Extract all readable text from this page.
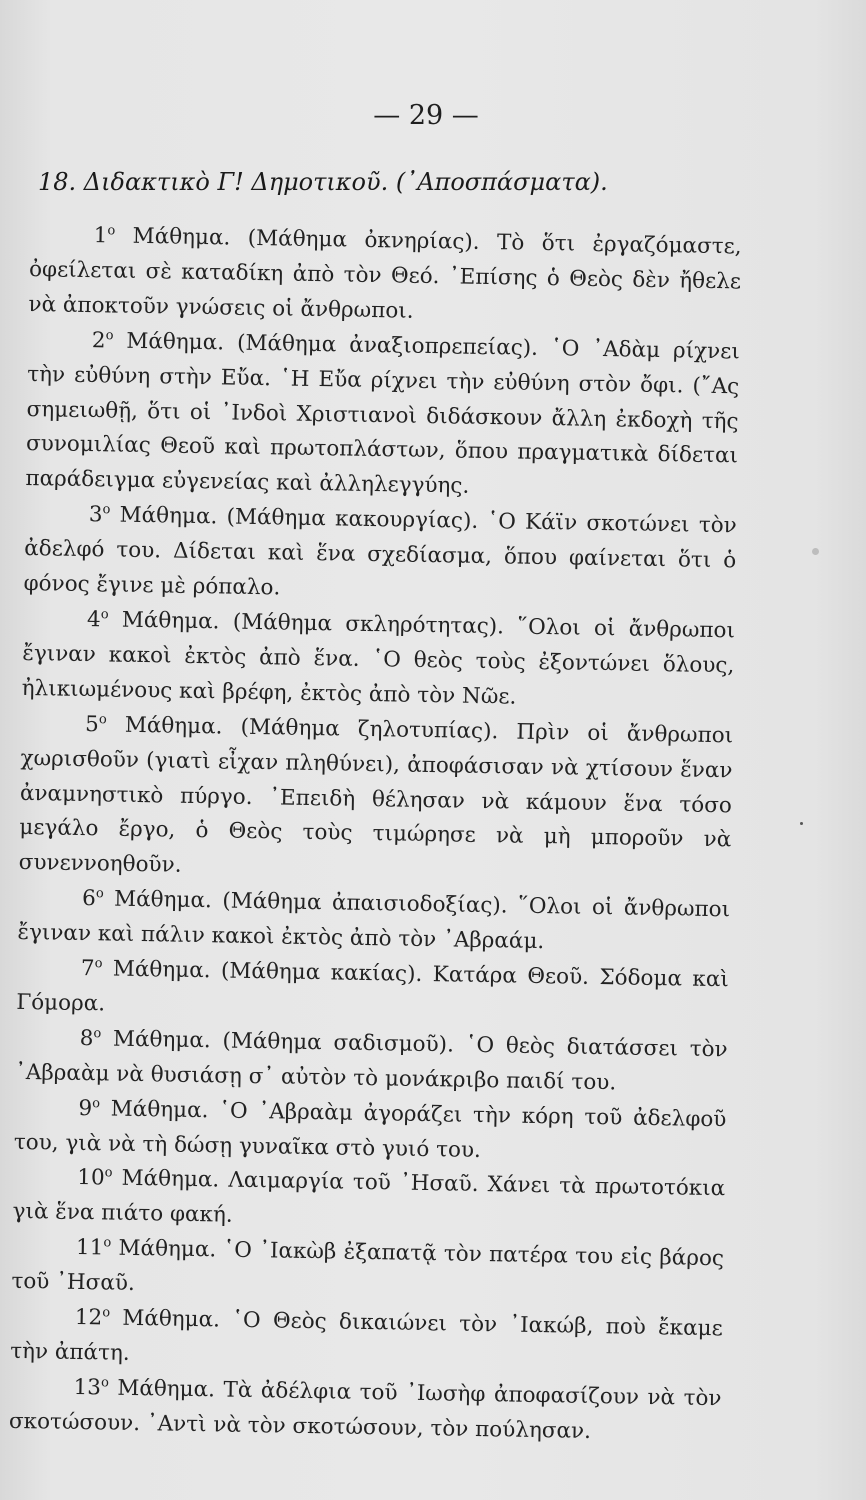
— 29 —
18. Διδακτικὸ Γ! Δημοτικοῦ. (᾽Αποσπάσματα).

$1^o$ Μάθημα. (Μάθημα ὀκνηρίας). Τὸ ὅτι ἐργαζόμαστε, ὀφείλεται σὲ καταδίκη ἀπὸ τὸν Θεό. ᾽Επίσης ὁ Θεὸς δὲν ἤθελε νὰ ἀποκτοῦν γνώσεις οἱ ἄνθρωποι.

$2^o$ Μάθημα. (Μάθημα ἀναξιοπρεπείας). ῾Ο ᾽Αδὰμ ρίχνει τὴν εὐθύνη στὴν Εὔα. ῾Η Εὔα ρίχνει τὴν εὐθύνη στὸν ὄφι. (῎Ας σημειωθῇ, ὅτι οἱ ᾽Ινδοὶ Χριστιανοὶ διδάσκουν ἄλλη ἐκδοχὴ τῆς συνομιλίας Θεοῦ καὶ πρωτοπλάστων, ὅπου πραγματικὰ δίδεται παράδειγμα εὐγενείας καὶ ἀλληλεγγύης.

$3^o$ Μάθημα. (Μάθημα κακουργίας). ῾Ο Κάϊν σκοτώνει τὸν ἀδελφό του. Δίδεται καὶ ἕνα σχεδίασμα, ὅπου φαίνεται ὅτι ὁ φόνος ἔγινε μὲ ρόπαλο.

$4^o$ Μάθημα. (Μάθημα σκληρότητας). ῞Ολοι οἱ ἄνθρωποι ἔγιναν κακοὶ ἐκτὸς ἀπὸ ἕνα. ῾Ο θεὸς τοὺς ἐξοντώνει ὅλους, ἠλικιωμένους καὶ βρέφη, ἐκτὸς ἀπὸ τὸν Νῶε.

$5^o$ Μάθημα. (Μάθημα ζηλοτυπίας). Πρὶν οἱ ἄνθρωποι χωρισθοῦν (γιατὶ εἶχαν πληθύνει), ἀποφάσισαν νὰ χτίσουν ἕναν ἀναμνηστικὸ πύργο. ᾽Επειδὴ θέλησαν νὰ κάμουν ἕνα τόσο μεγάλο ἔργο, ὁ Θεὸς τοὺς τιμώρησε νὰ μὴ μποροῦν νὰ συνεννοηθοῦν.

$6^o$ Μάθημα. (Μάθημα ἀπαισιοδοξίας). ῞Ολοι οἱ ἄνθρωποι ἔγιναν καὶ πάλιν κακοὶ ἐκτὸς ἀπὸ τὸν ᾽Αβραάμ.

$7^o$ Μάθημα. (Μάθημα κακίας). Κατάρα Θεοῦ. Σόδομα καὶ Γόμορα.

$8^o$ Μάθημα. (Μάθημα σαδισμοῦ). ῾Ο θεὸς διατάσσει τὸν ᾽Αβραὰμ νὰ θυσιάσῃ σ᾽ αὐτὸν τὸ μονάκριβο παιδί του.

$9^o$ Μάθημα. ῾Ο ᾽Αβραὰμ ἀγοράζει τὴν κόρη τοῦ ἀδελφοῦ του, γιὰ νὰ τὴ δώσῃ γυναῖκα στὸ γυιό του.

$10^o$ Μάθημα. Λαιμαργία τοῦ ᾽Ησαῦ. Χάνει τὰ πρωτοτόκια γιὰ ἕνα πιάτο φακή.

$11^o$ Μάθημα. ῾Ο ᾽Ιακὼβ ἐξαπατᾷ τὸν πατέρα του εἰς βάρος τοῦ ᾽Ησαῦ.

$12^o$ Μάθημα. ῾Ο Θεὸς δικαιώνει τὸν ᾽Ιακώβ, ποὺ ἔκαμε τὴν ἀπάτη.

$13^o$ Μάθημα. Τὰ ἀδέλφια τοῦ ᾽Ιωσὴφ ἀποφασίζουν νὰ τὸν σκοτώσουν. ᾽Αντὶ νὰ τὸν σκοτώσουν, τὸν πούλησαν.
